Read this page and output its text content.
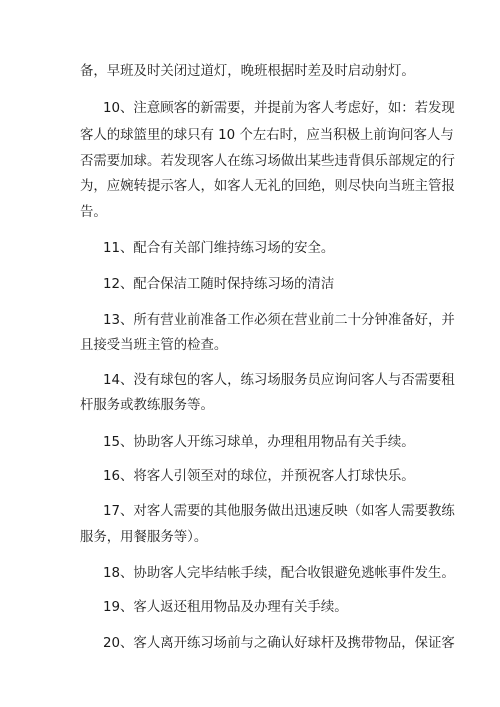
备，早班及时关闭过道灯，晚班根据时差及时启动射灯。
10、注意顾客的新需要，并提前为客人考虑好，如：若发现
客人的球篮里的球只有 10 个左右时，应当积极上前询问客人与
否需要加球。若发现客人在练习场做出某些违背俱乐部规定的行
为，应婉转提示客人，如客人无礼的回绝，则尽快向当班主管报
告。
11、配合有关部门维持练习场的安全。
12、配合保洁工随时保持练习场的清洁
13、所有营业前准备工作必须在营业前二十分钟准备好，并
且接受当班主管的检查。
14、没有球包的客人，练习场服务员应询问客人与否需要租
杆服务或教练服务等。
15、协助客人开练习球单，办理租用物品有关手续。
16、将客人引领至对的球位，并预祝客人打球快乐。
17、对客人需要的其他服务做出迅速反映（如客人需要教练
服务，用餐服务等）。
18、协助客人完毕结帐手续，配合收银避免逃帐事件发生。
19、客人返还租用物品及办理有关手续。
20、客人离开练习场前与之确认好球杆及携带物品，保证客
